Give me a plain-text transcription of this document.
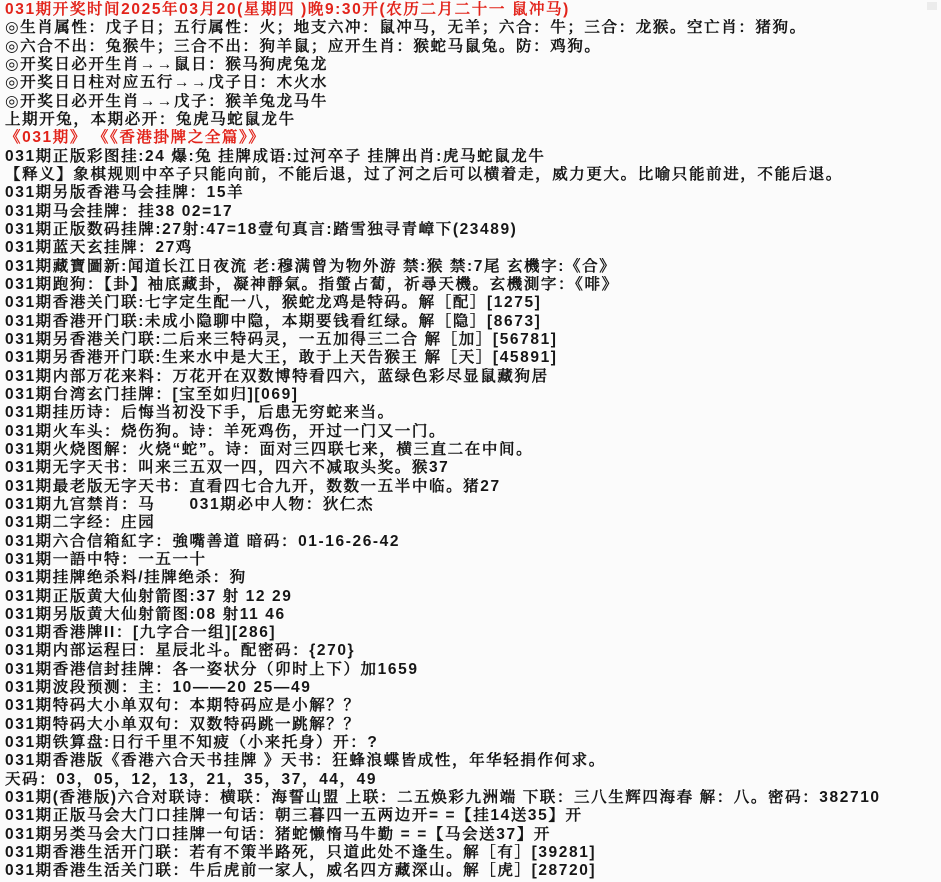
031期开奖时间2025年03月20(星期四 )晚9:30开(农历二月二十一 鼠冲马)
◎生肖属性：戊子日；五行属性：火；地支六冲：鼠冲马，无羊；六合：牛；三合：龙猴。空亡肖：猪狗。
◎六合不出：兔猴牛；三合不出：狗羊鼠；应开生肖：猴蛇马鼠兔。防：鸡狗。
◎开奖日必开生肖→→鼠日：猴马狗虎兔龙
◎开奖日日柱对应五行→→戊子日：木火水
◎开奖日必开生肖→→戊子：猴羊兔龙马牛
上期开兔，本期必开：兔虎马蛇鼠龙牛
《031期》 《《香港掛牌之全篇》》
031期正版彩图挂:24 爆:兔 挂牌成语:过河卒子 挂牌出肖:虎马蛇鼠龙牛
【释义】象棋规则中卒子只能向前，不能后退，过了河之后可以横着走，威力更大。比喻只能前进，不能后退。
031期另版香港马会挂牌：15羊
031期马会挂牌：挂38 02=17
031期正版数码挂牌:27射:47=18壹句真言:踏雪独寻青嶂下(23489)
031期蓝天玄挂牌：27鸡
031期藏寶圖新:闻道长江日夜流 老:穆满曾为物外游 禁:猴 禁:7尾 玄機字:《合》
031期跑狗：【卦】袖底藏卦，凝神靜氣。指螢占蔔，祈尋天機。玄機測字：《啡》
031期香港关门联:七字定生配一八，猴蛇龙鸡是特码。解［配］[1275]
031期香港开门联:未成小隐聊中隐，本期要钱看红绿。解［隐］[8673]
031期另香港关门联:二后来三特码灵，一五加得三二合 解［加］[56781]
031期另香港开门联:生来水中是大王，敢于上天告猴王 解［天］[45891]
031期内部万花来料：万花开在双数博特看四六，蓝绿色彩尽显鼠藏狗居
031期台湾玄门挂牌：[宝至如归][069]
031期挂历诗：后悔当初没下手，后患无穷蛇来当。
031期火车头：烧伤狗。诗：羊死鸡伤，开过一门又一门。
031期火烧图解：火烧“蛇”。诗：面对三四联七来，横三直二在中间。
031期无字天书：叫来三五双一四，四六不减取头奖。猴37
031期最老版无字天书：直看四七合九开，数数一五半中临。猪27
031期九宫禁肖：马　　031期必中人物：狄仁杰
031期二字经：庄园
031期六合信箱紅字：強嘴善道 暗码：01-16-26-42
031期一語中特：一五一十
031期挂牌绝杀料/挂牌绝杀：狗
031期正版黄大仙射箭图:37 射 12 29
031期另版黄大仙射箭图:08 射11 46
031期香港牌II：[九字合一组][286]
031期内部运程曰：星辰北斗。配密码：{270}
031期香港信封挂牌：各一姿状分（卯时上下）加1659
031期波段预测：主：10——20 25—49
031期特码大小单双句：本期特码应是小解？？
031期特码大小单双句：双数特码跳一跳解？？
031期铁算盘:日行千里不知疲（小来托身）开：?
031期香港版《香港六合天书挂牌 》天书：狂蜂浪蝶皆成性，年华轻捐作何求。
天码：03，05，12，13，21，35，37，44，49
031期(香港版)六合对联诗：横联：海誓山盟 上联：二五焕彩九洲端 下联：三八生辉四海春 解：八。密码：382710
031期正版马会大门口挂牌一句话：朝三暮四一五两边开= =【挂14送35】开
031期另类马会大门口挂牌一句话：猪蛇懒惰马牛勤 = =【马会送37】开
031期香港生活开门联：若有不策半路死，只道此处不逢生。解［有］[39281]
031期香港生活关门联：牛后虎前一家人，威名四方藏深山。解［虎］[28720]
